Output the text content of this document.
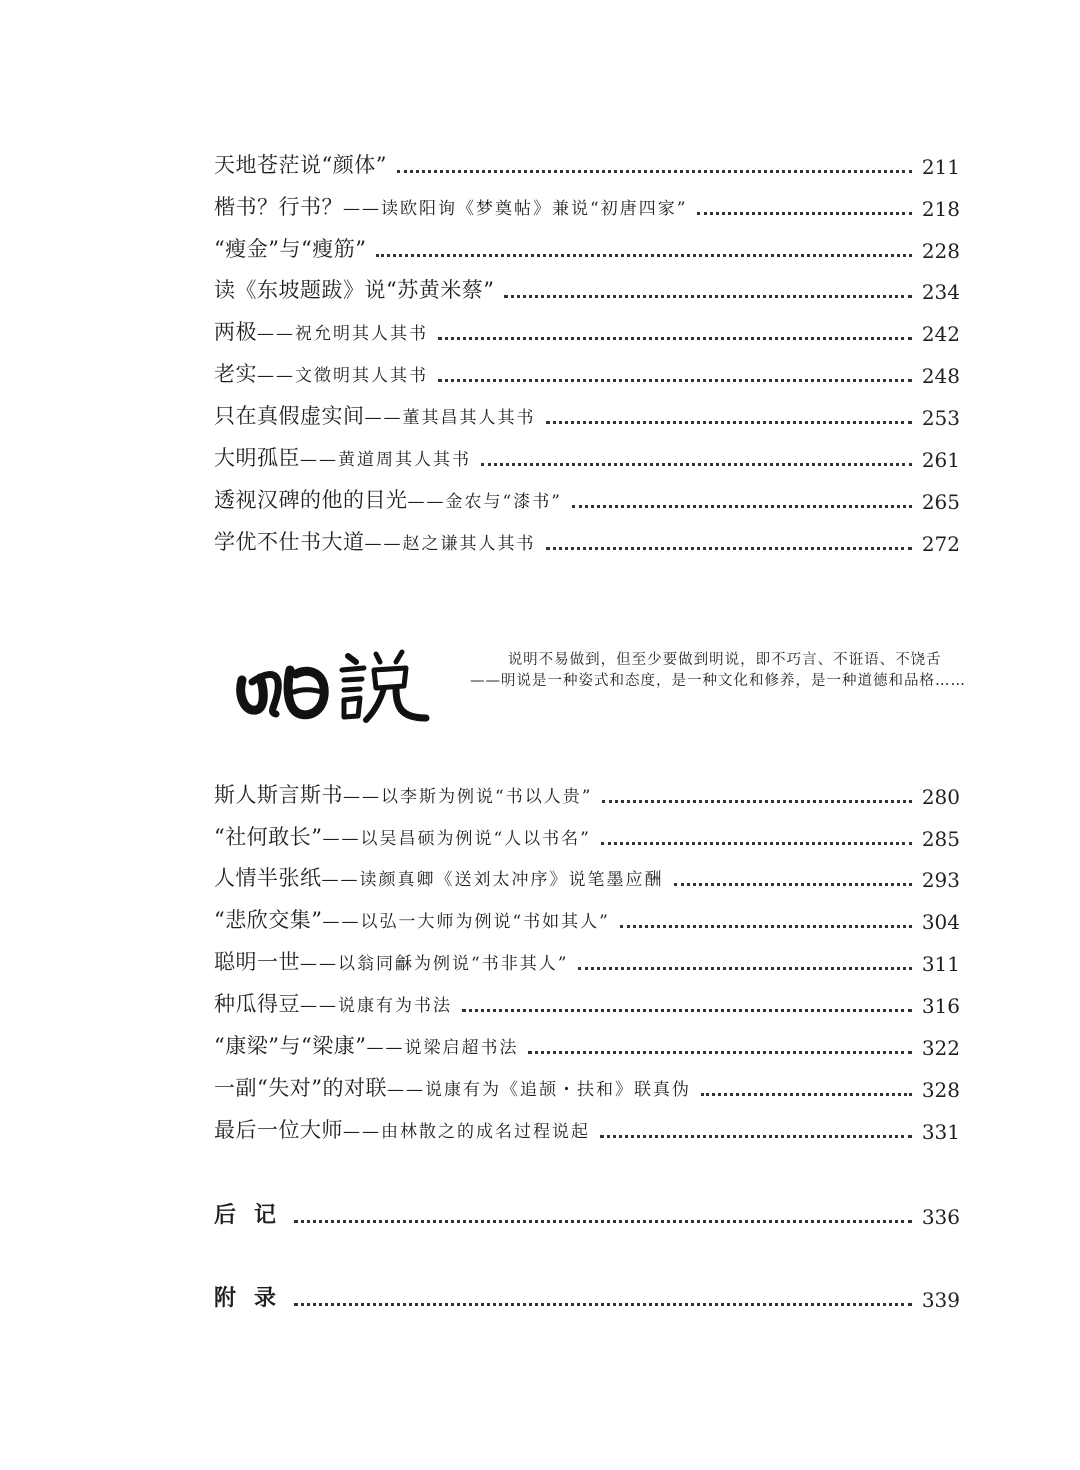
天地苍茫说“颜体”	211
楷书？行书？——读欧阳询《梦奠帖》兼说“初唐四家”	218
“瘦金”与“瘦筋”	228
读《东坡题跋》说“苏黄米蔡”	234
两极——祝允明其人其书	242
老实——文徵明其人其书	248
只在真假虚实间——董其昌其人其书	253
大明孤臣——黄道周其人其书	261
透视汉碑的他的目光——金农与“漆书”	265
学优不仕书大道——赵之谦其人其书	272
说明不易做到，但至少要做到明说，即不巧言、不诳语、不饶舌——明说是一种姿式和态度，是一种文化和修养，是一种道德和品格……
斯人斯言斯书——以李斯为例说“书以人贵”	280
“社何敢长”——以吴昌硕为例说“人以书名”	285
人情半张纸——读颜真卿《送刘太冲序》说笔墨应酬	293
“悲欣交集”——以弘一大师为例说“书如其人”	304
聪明一世——以翁同龢为例说“书非其人”	311
种瓜得豆——说康有为书法	316
“康梁”与“梁康”——说梁启超书法	322
一副“失对”的对联——说康有为《追颉・扶和》联真伪	328
最后一位大师——由林散之的成名过程说起	331
后记	336
附录	339
